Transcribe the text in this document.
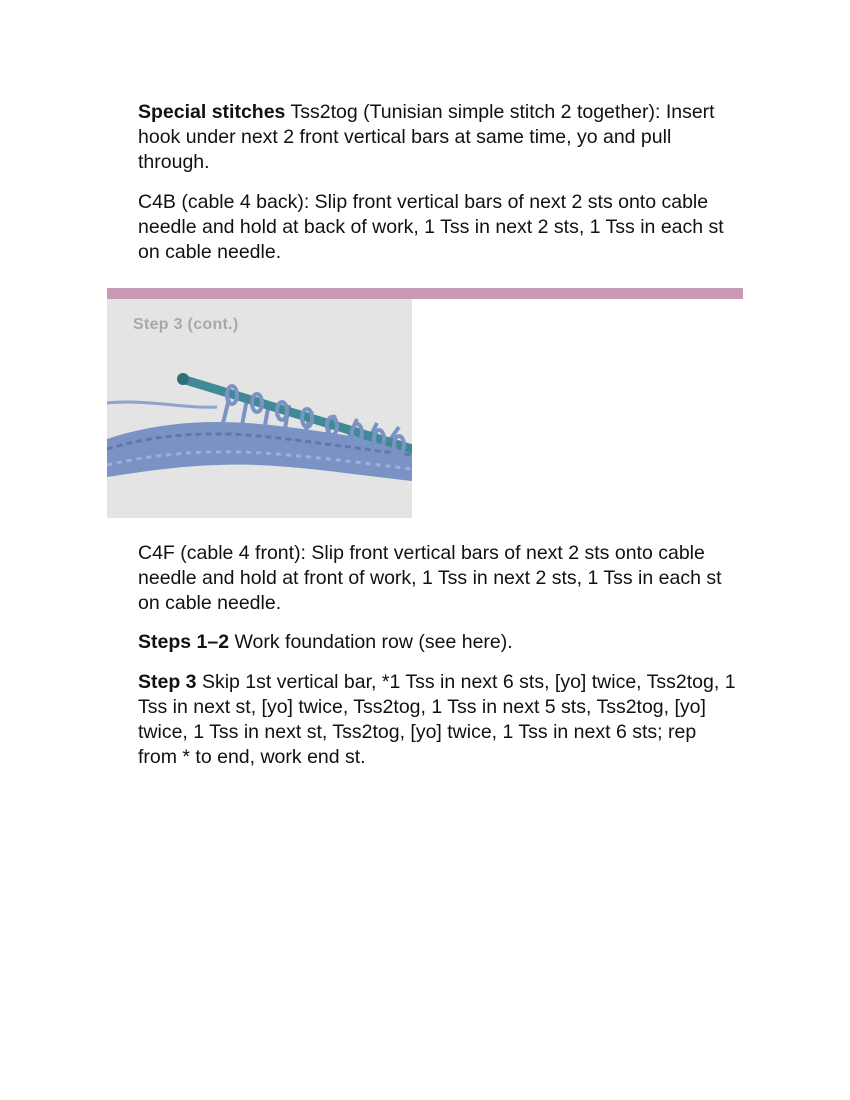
Special stitches Tss2tog (Tunisian simple stitch 2 together): Insert hook under next 2 front vertical bars at same time, yo and pull through.

C4B (cable 4 back): Slip front vertical bars of next 2 sts onto cable needle and hold at back of work, 1 Tss in next 2 sts, 1 Tss in each st on cable needle.

Step 3 (cont.)

C4F (cable 4 front): Slip front vertical bars of next 2 sts onto cable needle and hold at front of work, 1 Tss in next 2 sts, 1 Tss in each st on cable needle.

Steps 1–2 Work foundation row (see here).

Step 3 Skip 1st vertical bar, *1 Tss in next 6 sts, [yo] twice, Tss2tog, 1 Tss in next st, [yo] twice, Tss2tog, 1 Tss in next 5 sts, Tss2tog, [yo] twice, 1 Tss in next st, Tss2tog, [yo] twice, 1 Tss in next 6 sts; rep from * to end, work end st.
